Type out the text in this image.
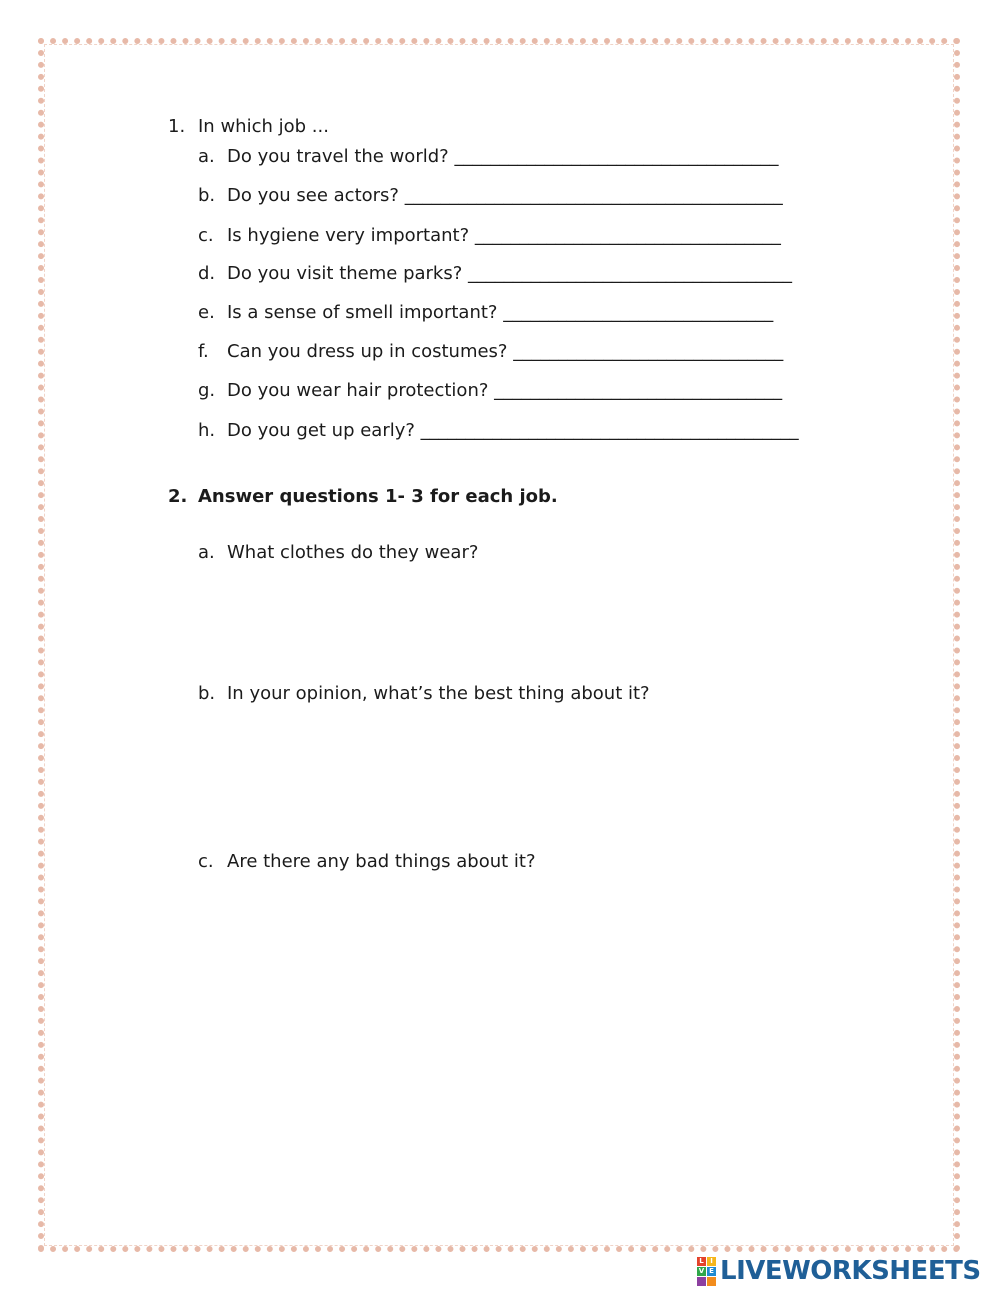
1. In which job ...
a. Do you travel the world? ____________________________________
b. Do you see actors? __________________________________________
c. Is hygiene very important? __________________________________
d. Do you visit theme parks? ____________________________________
e. Is a sense of smell important? ______________________________
f. Can you dress up in costumes? ______________________________
g. Do you wear hair protection? ________________________________
h. Do you get up early? __________________________________________
2. Answer questions 1- 3 for each job.
a. What clothes do they wear?
b. In your opinion, what’s the best thing about it?
c. Are there any bad things about it?
L I
V E LIVEWORKSHEETS
